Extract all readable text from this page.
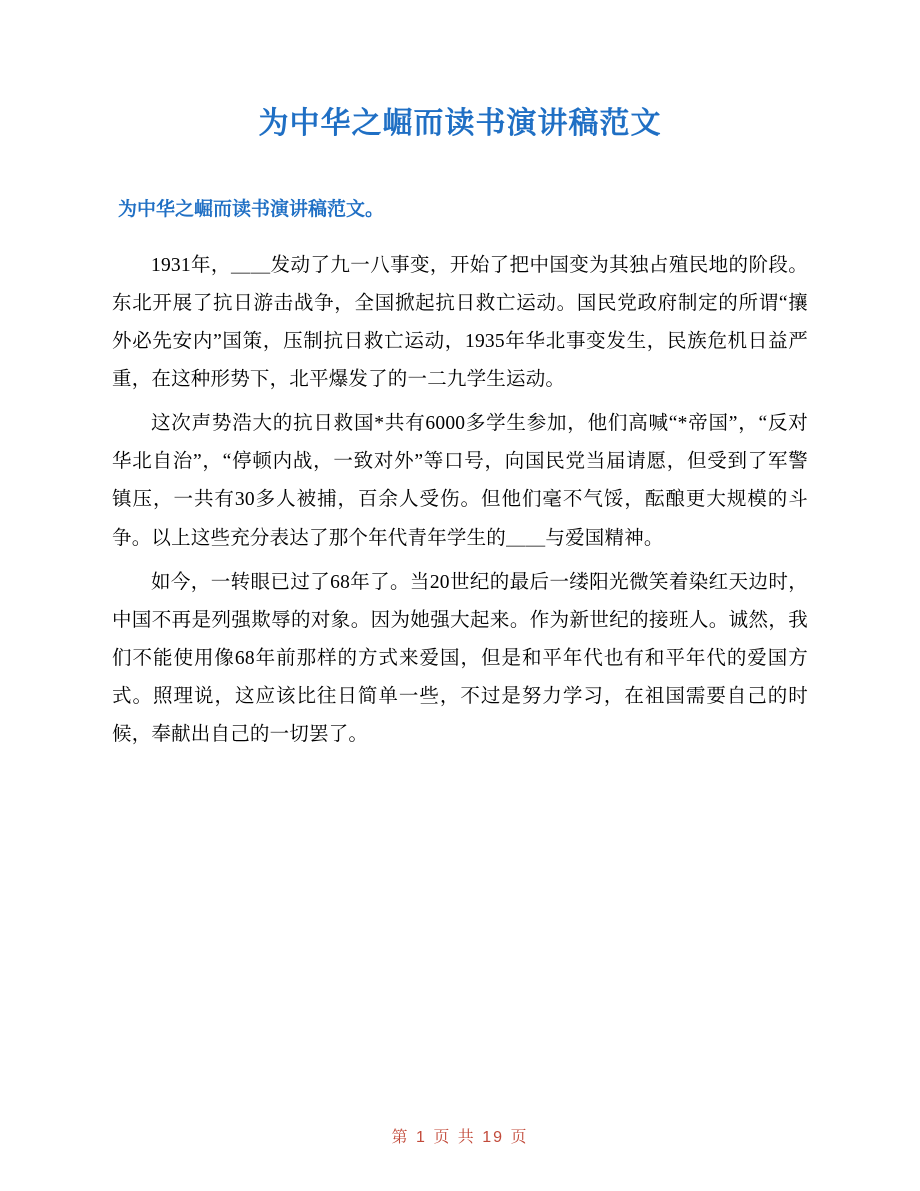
为中华之崛而读书演讲稿范文
为中华之崛而读书演讲稿范文。

1931年，＿＿发动了九一八事变，开始了把中国变为其独占殖民地的阶段。东北开展了抗日游击战争，全国掀起抗日救亡运动。国民党政府制定的所谓“攘外必先安内”国策，压制抗日救亡运动，1935年华北事变发生，民族危机日益严重，在这种形势下，北平爆发了的一二九学生运动。

这次声势浩大的抗日救国*共有6000多学生参加，他们高喊“*帝国”，“反对华北自治”，“停顿内战，一致对外”等口号，向国民党当届请愿，但受到了军警镇压，一共有30多人被捕，百余人受伤。但他们毫不气馁，酝酿更大规模的斗争。以上这些充分表达了那个年代青年学生的＿＿与爱国精神。

如今，一转眼已过了68年了。当20世纪的最后一缕阳光微笑着染红天边时，中国不再是列强欺辱的对象。因为她强大起来。作为新世纪的接班人。诚然，我们不能使用像68年前那样的方式来爱国，但是和平年代也有和平年代的爱国方式。照理说，这应该比往日简单一些，不过是努力学习，在祖国需要自己的时候，奉献出自己的一切罢了。

第 1 页 共 19 页
